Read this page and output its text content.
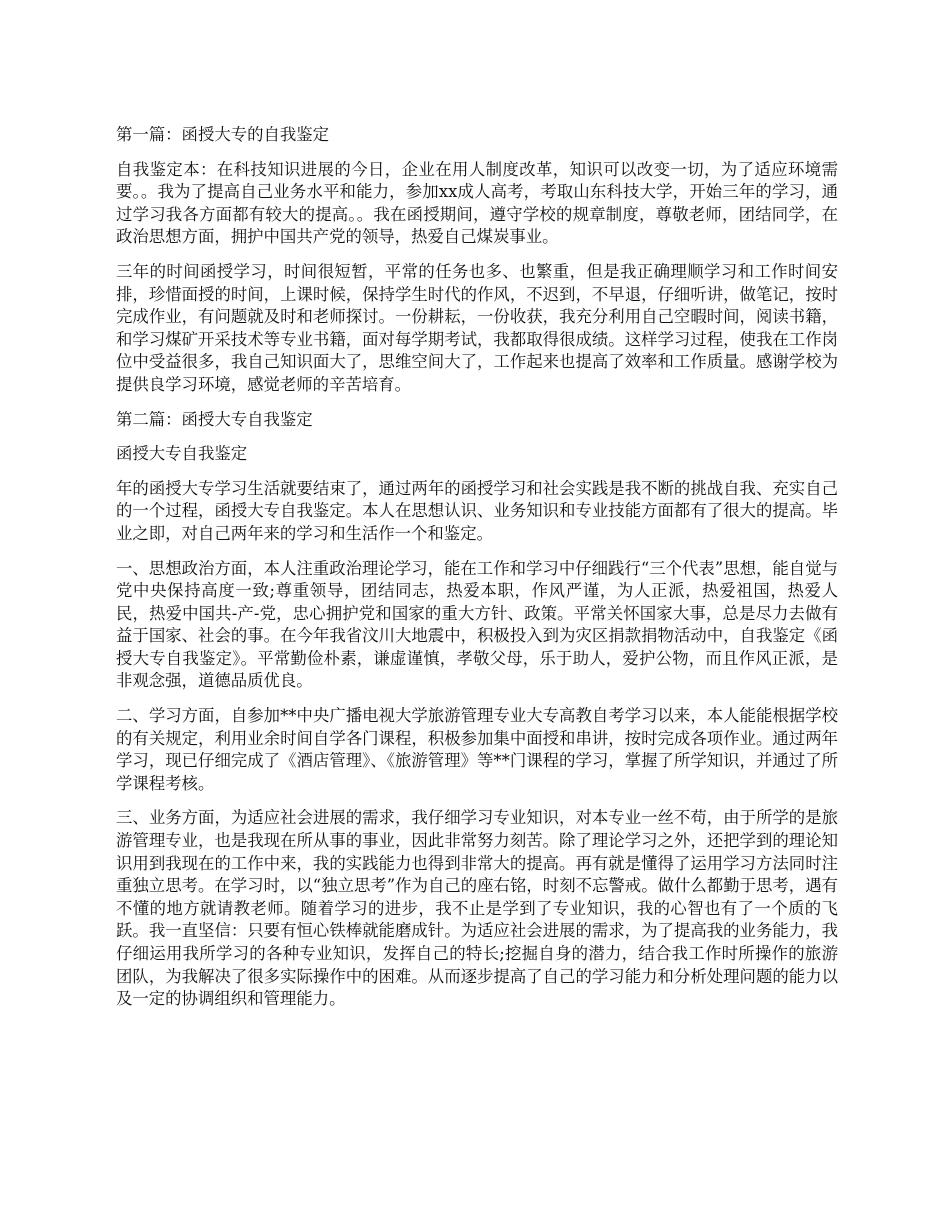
第一篇：函授大专的自我鉴定

自我鉴定本：在科技知识进展的今日，企业在用人制度改革，知识可以改变一切，为了适应环境需要。。我为了提高自己业务水平和能力，参加xx成人高考，考取山东科技大学，开始三年的学习，通过学习我各方面都有较大的提高。。我在函授期间，遵守学校的规章制度，尊敬老师，团结同学，在政治思想方面，拥护中国共产党的领导，热爱自己煤炭事业。

三年的时间函授学习，时间很短暂，平常的任务也多、也繁重，但是我正确理顺学习和工作时间安排，珍惜面授的时间，上课时候，保持学生时代的作风，不迟到，不早退，仔细听讲，做笔记，按时完成作业，有问题就及时和老师探讨。一份耕耘，一份收获，我充分利用自己空暇时间，阅读书籍，和学习煤矿开采技术等专业书籍，面对每学期考试，我都取得很成绩。这样学习过程，使我在工作岗位中受益很多，我自己知识面大了，思维空间大了，工作起来也提高了效率和工作质量。感谢学校为提供良学习环境，感觉老师的辛苦培育。

第二篇：函授大专自我鉴定

函授大专自我鉴定

年的函授大专学习生活就要结束了，通过两年的函授学习和社会实践是我不断的挑战自我、充实自己的一个过程，函授大专自我鉴定。本人在思想认识、业务知识和专业技能方面都有了很大的提高。毕业之即，对自己两年来的学习和生活作一个和鉴定。

一、思想政治方面，本人注重政治理论学习，能在工作和学习中仔细践行“三个代表”思想，能自觉与党中央保持高度一致;尊重领导，团结同志，热爱本职，作风严谨，为人正派，热爱祖国，热爱人民，热爱中国共-产-党，忠心拥护党和国家的重大方针、政策。平常关怀国家大事，总是尽力去做有益于国家、社会的事。在今年我省汶川大地震中，积极投入到为灾区捐款捐物活动中，自我鉴定《函授大专自我鉴定》。平常勤俭朴素，谦虚谨慎，孝敬父母，乐于助人，爱护公物，而且作风正派，是非观念强，道德品质优良。

二、学习方面，自参加**中央广播电视大学旅游管理专业大专高教自考学习以来，本人能能根据学校的有关规定，利用业余时间自学各门课程，积极参加集中面授和串讲，按时完成各项作业。通过两年学习，现已仔细完成了《酒店管理》、《旅游管理》等**门课程的学习，掌握了所学知识，并通过了所学课程考核。

三、业务方面，为适应社会进展的需求，我仔细学习专业知识，对本专业一丝不苟，由于所学的是旅游管理专业，也是我现在所从事的事业，因此非常努力刻苦。除了理论学习之外，还把学到的理论知识用到我现在的工作中来，我的实践能力也得到非常大的提高。再有就是懂得了运用学习方法同时注重独立思考。在学习时，以“独立思考”作为自己的座右铭，时刻不忘警戒。做什么都勤于思考，遇有不懂的地方就请教老师。随着学习的进步，我不止是学到了专业知识，我的心智也有了一个质的飞跃。我一直坚信：只要有恒心铁棒就能磨成针。为适应社会进展的需求，为了提高我的业务能力，我仔细运用我所学习的各种专业知识，发挥自己的特长;挖掘自身的潜力，结合我工作时所操作的旅游团队，为我解决了很多实际操作中的困难。从而逐步提高了自己的学习能力和分析处理问题的能力以及一定的协调组织和管理能力。
